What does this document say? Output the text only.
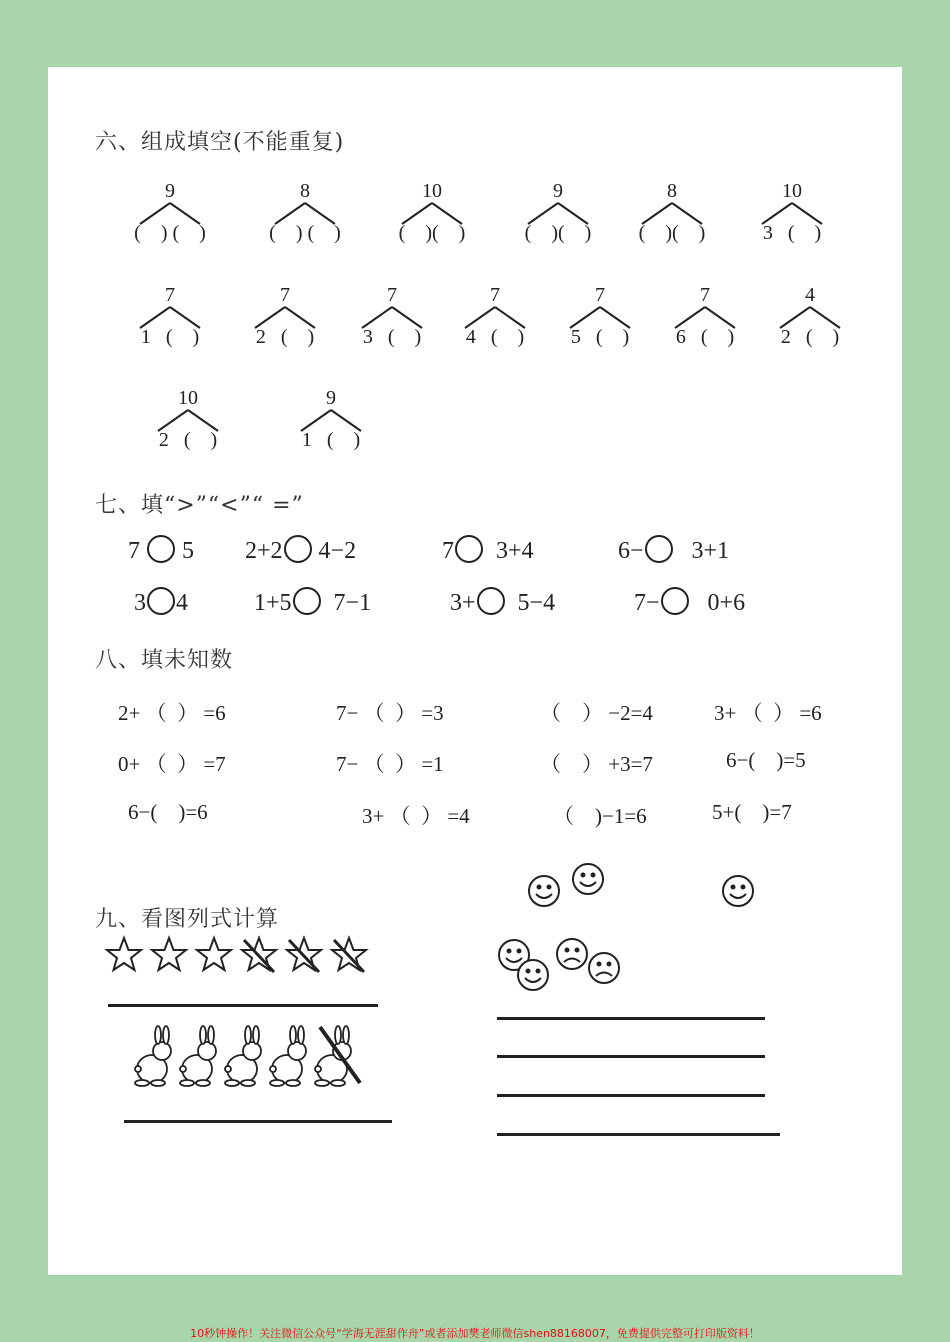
六、组成填空(不能重复)
9
(    ) (    )
8
(    ) (    )
10
(    )(    )
9
(    )(    )
8
(    )(    )
10
3   (    )
7
1   (    )
7
2   (    )
7
3   (    )
7
4   (    )
7
5   (    )
7
6   (    )
4
2   (    )
10
2   (    )
9
1   (    )
七、填“>”“<”“ =”
7  5 2+2 4−2	7  3+4	6−   3+1
3 4	1+5  7−1	3+  5−4	7−   0+6
八、填未知数
2+ （  ） =6	7− （  ） =3	（    ） −2=4	3+ （  ） =6
0+ （  ） =7	7− （  ） =1	（    ） +3=7	6−(    )=5
6−(    )=6	3+ （  ） =4	（    )−1=6	5+(    )=7
九、看图列式计算
10秒钟操作！关注微信公众号“学海无涯甜作舟”或者添加樊老师微信shen88168007，免费提供完整可打印版资料！
